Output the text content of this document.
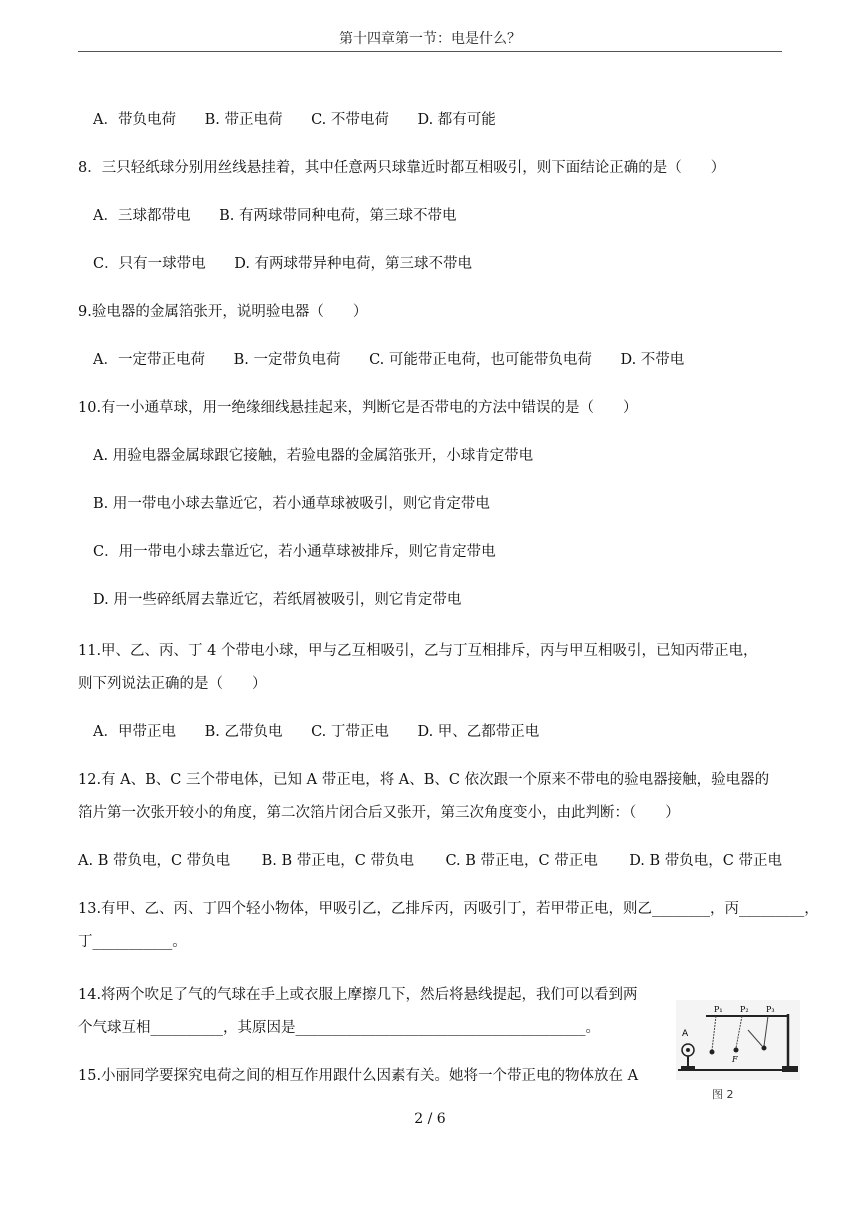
第十四章第一节：电是什么？
A．带负电荷 B. 带正电荷 C. 不带电荷 D. 都有可能
8．三只轻纸球分别用丝线悬挂着，其中任意两只球靠近时都互相吸引，则下面结论正确的是（　　）
A．三球都带电 B. 有两球带同种电荷，第三球不带电
C．只有一球带电 D. 有两球带异种电荷，第三球不带电
9.验电器的金属箔张开，说明验电器（　　）
A．一定带正电荷 B. 一定带负电荷 C. 可能带正电荷，也可能带负电荷 D. 不带电
10.有一小通草球，用一绝缘细线悬挂起来，判断它是否带电的方法中错误的是（　　）
A. 用验电器金属球跟它接触，若验电器的金属箔张开，小球肯定带电
B. 用一带电小球去靠近它，若小通草球被吸引，则它肯定带电
C．用一带电小球去靠近它，若小通草球被排斥，则它肯定带电
D. 用一些碎纸屑去靠近它，若纸屑被吸引，则它肯定带电
11.甲、乙、丙、丁 4 个带电小球，甲与乙互相吸引，乙与丁互相排斥，丙与甲互相吸引，已知丙带正电，
则下列说法正确的是（　　）
A．甲带正电 B. 乙带负电 C. 丁带正电 D. 甲、乙都带正电
12.有 A、B、C 三个带电体，已知 A 带正电，将 A、B、C 依次跟一个原来不带电的验电器接触，验电器的
箔片第一次张开较小的角度，第二次箔片闭合后又张开，第三次角度变小，由此判断：（　　）
A. B 带负电，C 带负电 B. B 带正电，C 带负电 C. B 带正电，C 带正电 D. B 带负电，C 带正电
13.有甲、乙、丙、丁四个轻小物体，甲吸引乙，乙排斥丙，丙吸引丁，若甲带正电，则乙________，丙_________，
丁___________。
14.将两个吹足了气的气球在手上或衣服上摩擦几下，然后将悬线提起，我们可以看到两
个气球互相__________，其原因是________________________________________。
15.小丽同学要探究电荷之间的相互作用跟什么因素有关。她将一个带正电的物体放在 A
A
P₁ P₂ P₃
F
图 2
2 / 6
